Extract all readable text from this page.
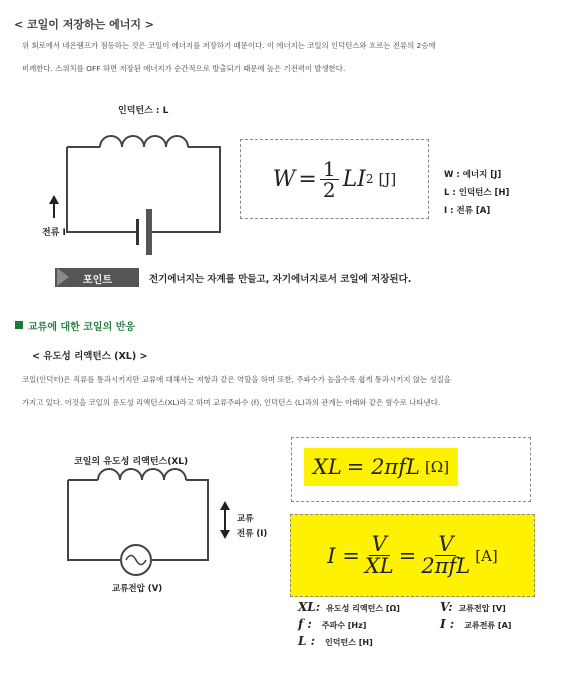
< 코일이 저장하는 에너지 >
위 회로에서 네온램프가 점등하는 것은 코일이 에너지를 저장하기 때문이다. 이 에너지는 코일의 인덕턴스와 흐르는 전류의 2승에
비례한다. 스위치를 OFF 하면 저장된 에너지가 순간적으로 방출되기 때문에 높은 기전력이 발생한다.
인덕턴스 : L
전류 I
$W = \frac{1}{2}$ LI 2 [J]	W : 에너지 [J]
L : 인덕턴스 [H]
I : 전류 [A]
포인트	전기에너지는 자계를 만들고, 자기에너지로서 코일에 저장된다.
교류에 대한 코일의 반응
< 유도성 리액턴스 (XL) >
코일(인덕터)은 직류를 통과시키지만 교류에 대해서는 저항과 같은 역할을 하며 또한, 주파수가 높을수록 쉽게 통과시키지 않는 성질을
가지고 있다. 이것을 코일의 유도성 리액턴스(XL)라고 하며 교류주파수 (f), 인덕턴스 (L)과의 관계는 아래와 같은 함수로 나타낸다.
코일의 유도성 리액턴스(XL)
교류
전류 (I)
교류전압 (V)
XL = 2πfL [Ω]
$I = \frac{V}{XL} = \frac{V}{\text{2πfL}} [A]$
XL: 유도성 리액턴스 [Ω]
f : 주파수 [Hz]
L : 인덕턴스 [H]
V: 교류전압 [V]
I : 교류전류 [A]
